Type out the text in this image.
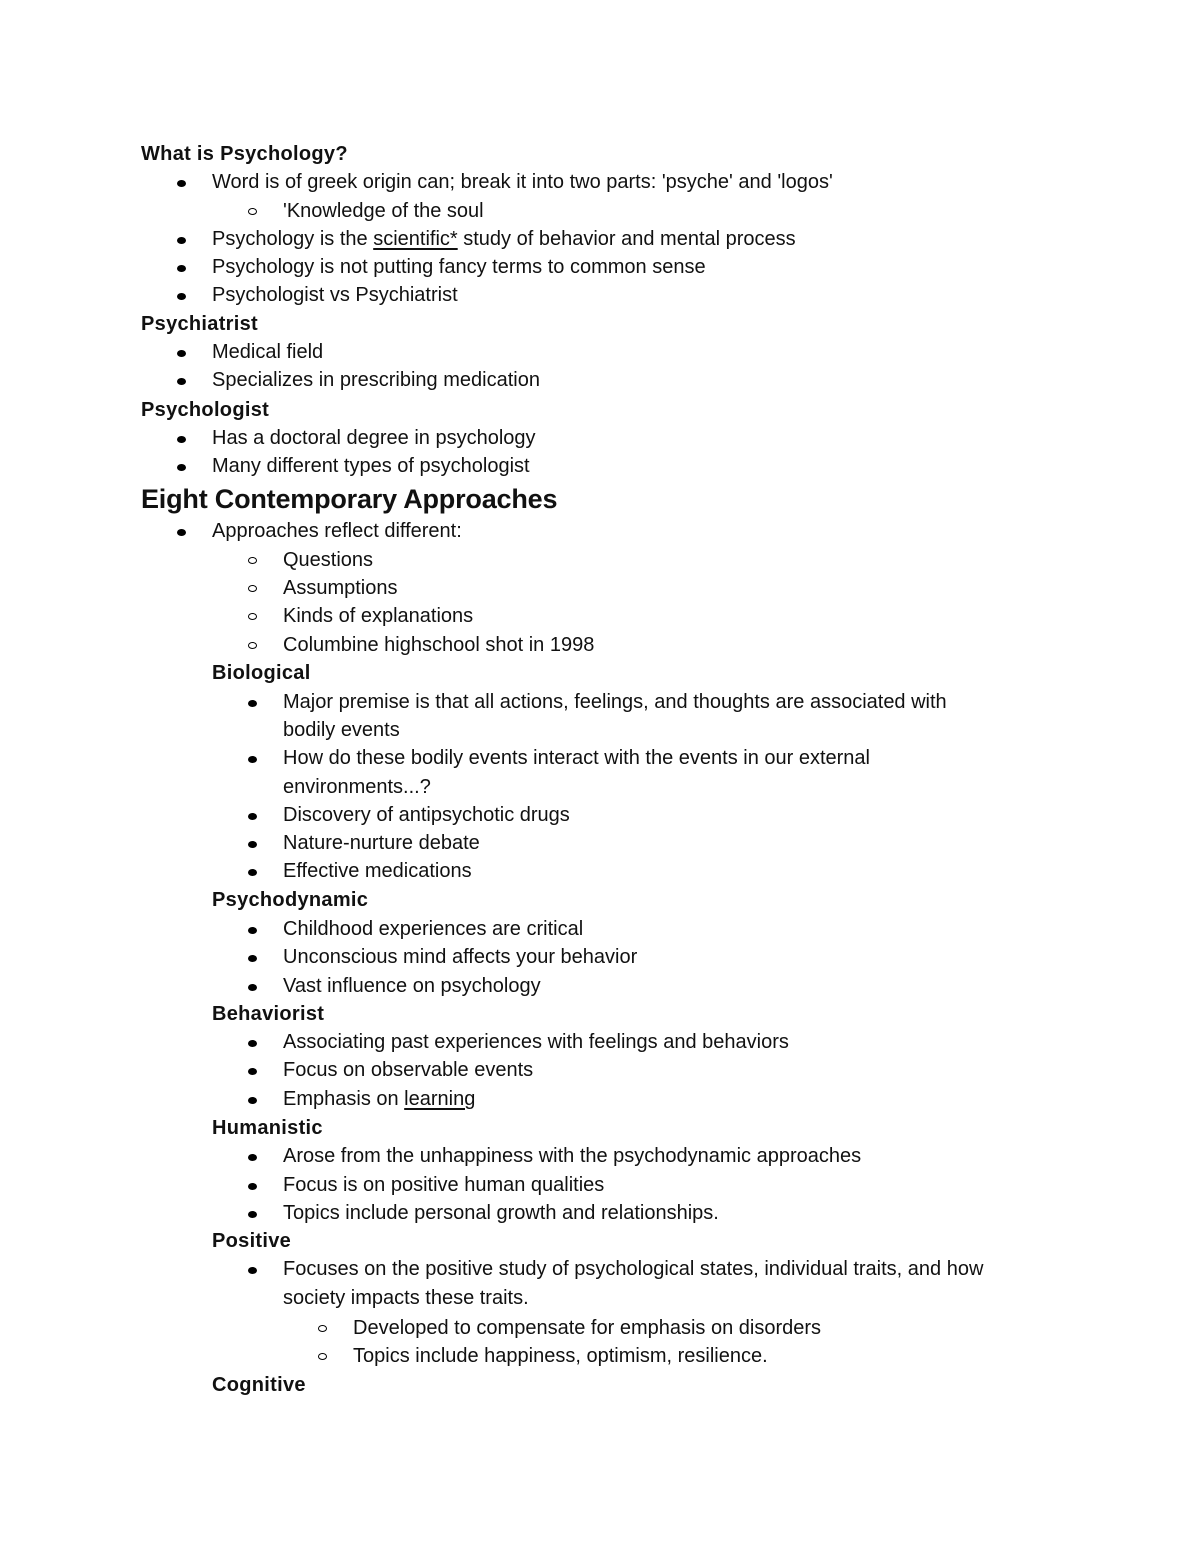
What is Psychology?
Word is of greek origin can; break it into two parts: 'psyche' and 'logos'
'Knowledge of the soul
Psychology is the scientific* study of behavior and mental process
Psychology is not putting fancy terms to common sense
Psychologist vs Psychiatrist
Psychiatrist
Medical field
Specializes in prescribing medication
Psychologist
Has a doctoral degree in psychology
Many different types of psychologist
Eight Contemporary Approaches
Approaches reflect different:
Questions
Assumptions
Kinds of explanations
Columbine highschool shot in 1998
Biological
Major premise is that all actions, feelings, and thoughts are associated with
bodily events
How do these bodily events interact with the events in our external
environments...?
Discovery of antipsychotic drugs
Nature-nurture debate
Effective medications
Psychodynamic
Childhood experiences are critical
Unconscious mind affects your behavior
Vast influence on psychology
Behaviorist
Associating past experiences with feelings and behaviors
Focus on observable events
Emphasis on learning
Humanistic
Arose from the unhappiness with the psychodynamic approaches
Focus is on positive human qualities
Topics include personal growth and relationships.
Positive
Focuses on the positive study of psychological states, individual traits, and how
society impacts these traits.
Developed to compensate for emphasis on disorders
Topics include happiness, optimism, resilience.
Cognitive
